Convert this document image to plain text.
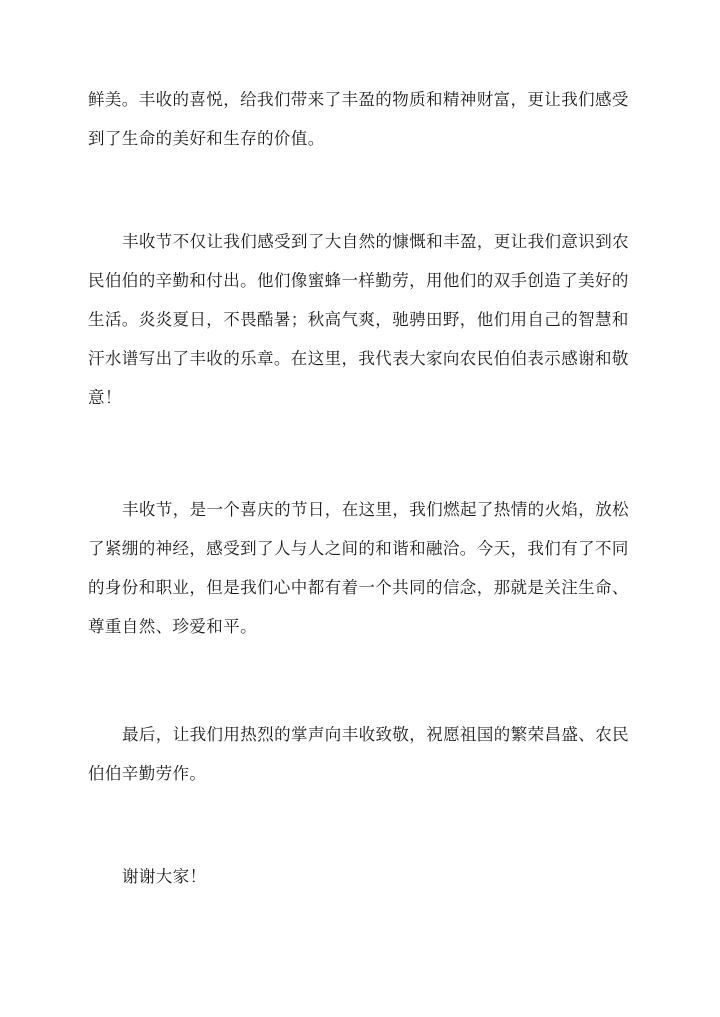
鲜美。丰收的喜悦，给我们带来了丰盈的物质和精神财富，更让我们感受
到了生命的美好和生存的价值。
丰收节不仅让我们感受到了大自然的慷慨和丰盈，更让我们意识到农
民伯伯的辛勤和付出。他们像蜜蜂一样勤劳，用他们的双手创造了美好的
生活。炎炎夏日，不畏酷暑；秋高气爽，驰骋田野，他们用自己的智慧和
汗水谱写出了丰收的乐章。在这里，我代表大家向农民伯伯表示感谢和敬
意！
丰收节，是一个喜庆的节日，在这里，我们燃起了热情的火焰，放松
了紧绷的神经，感受到了人与人之间的和谐和融洽。今天，我们有了不同
的身份和职业，但是我们心中都有着一个共同的信念，那就是关注生命、
尊重自然、珍爱和平。
最后，让我们用热烈的掌声向丰收致敬，祝愿祖国的繁荣昌盛、农民
伯伯辛勤劳作。
谢谢大家！
